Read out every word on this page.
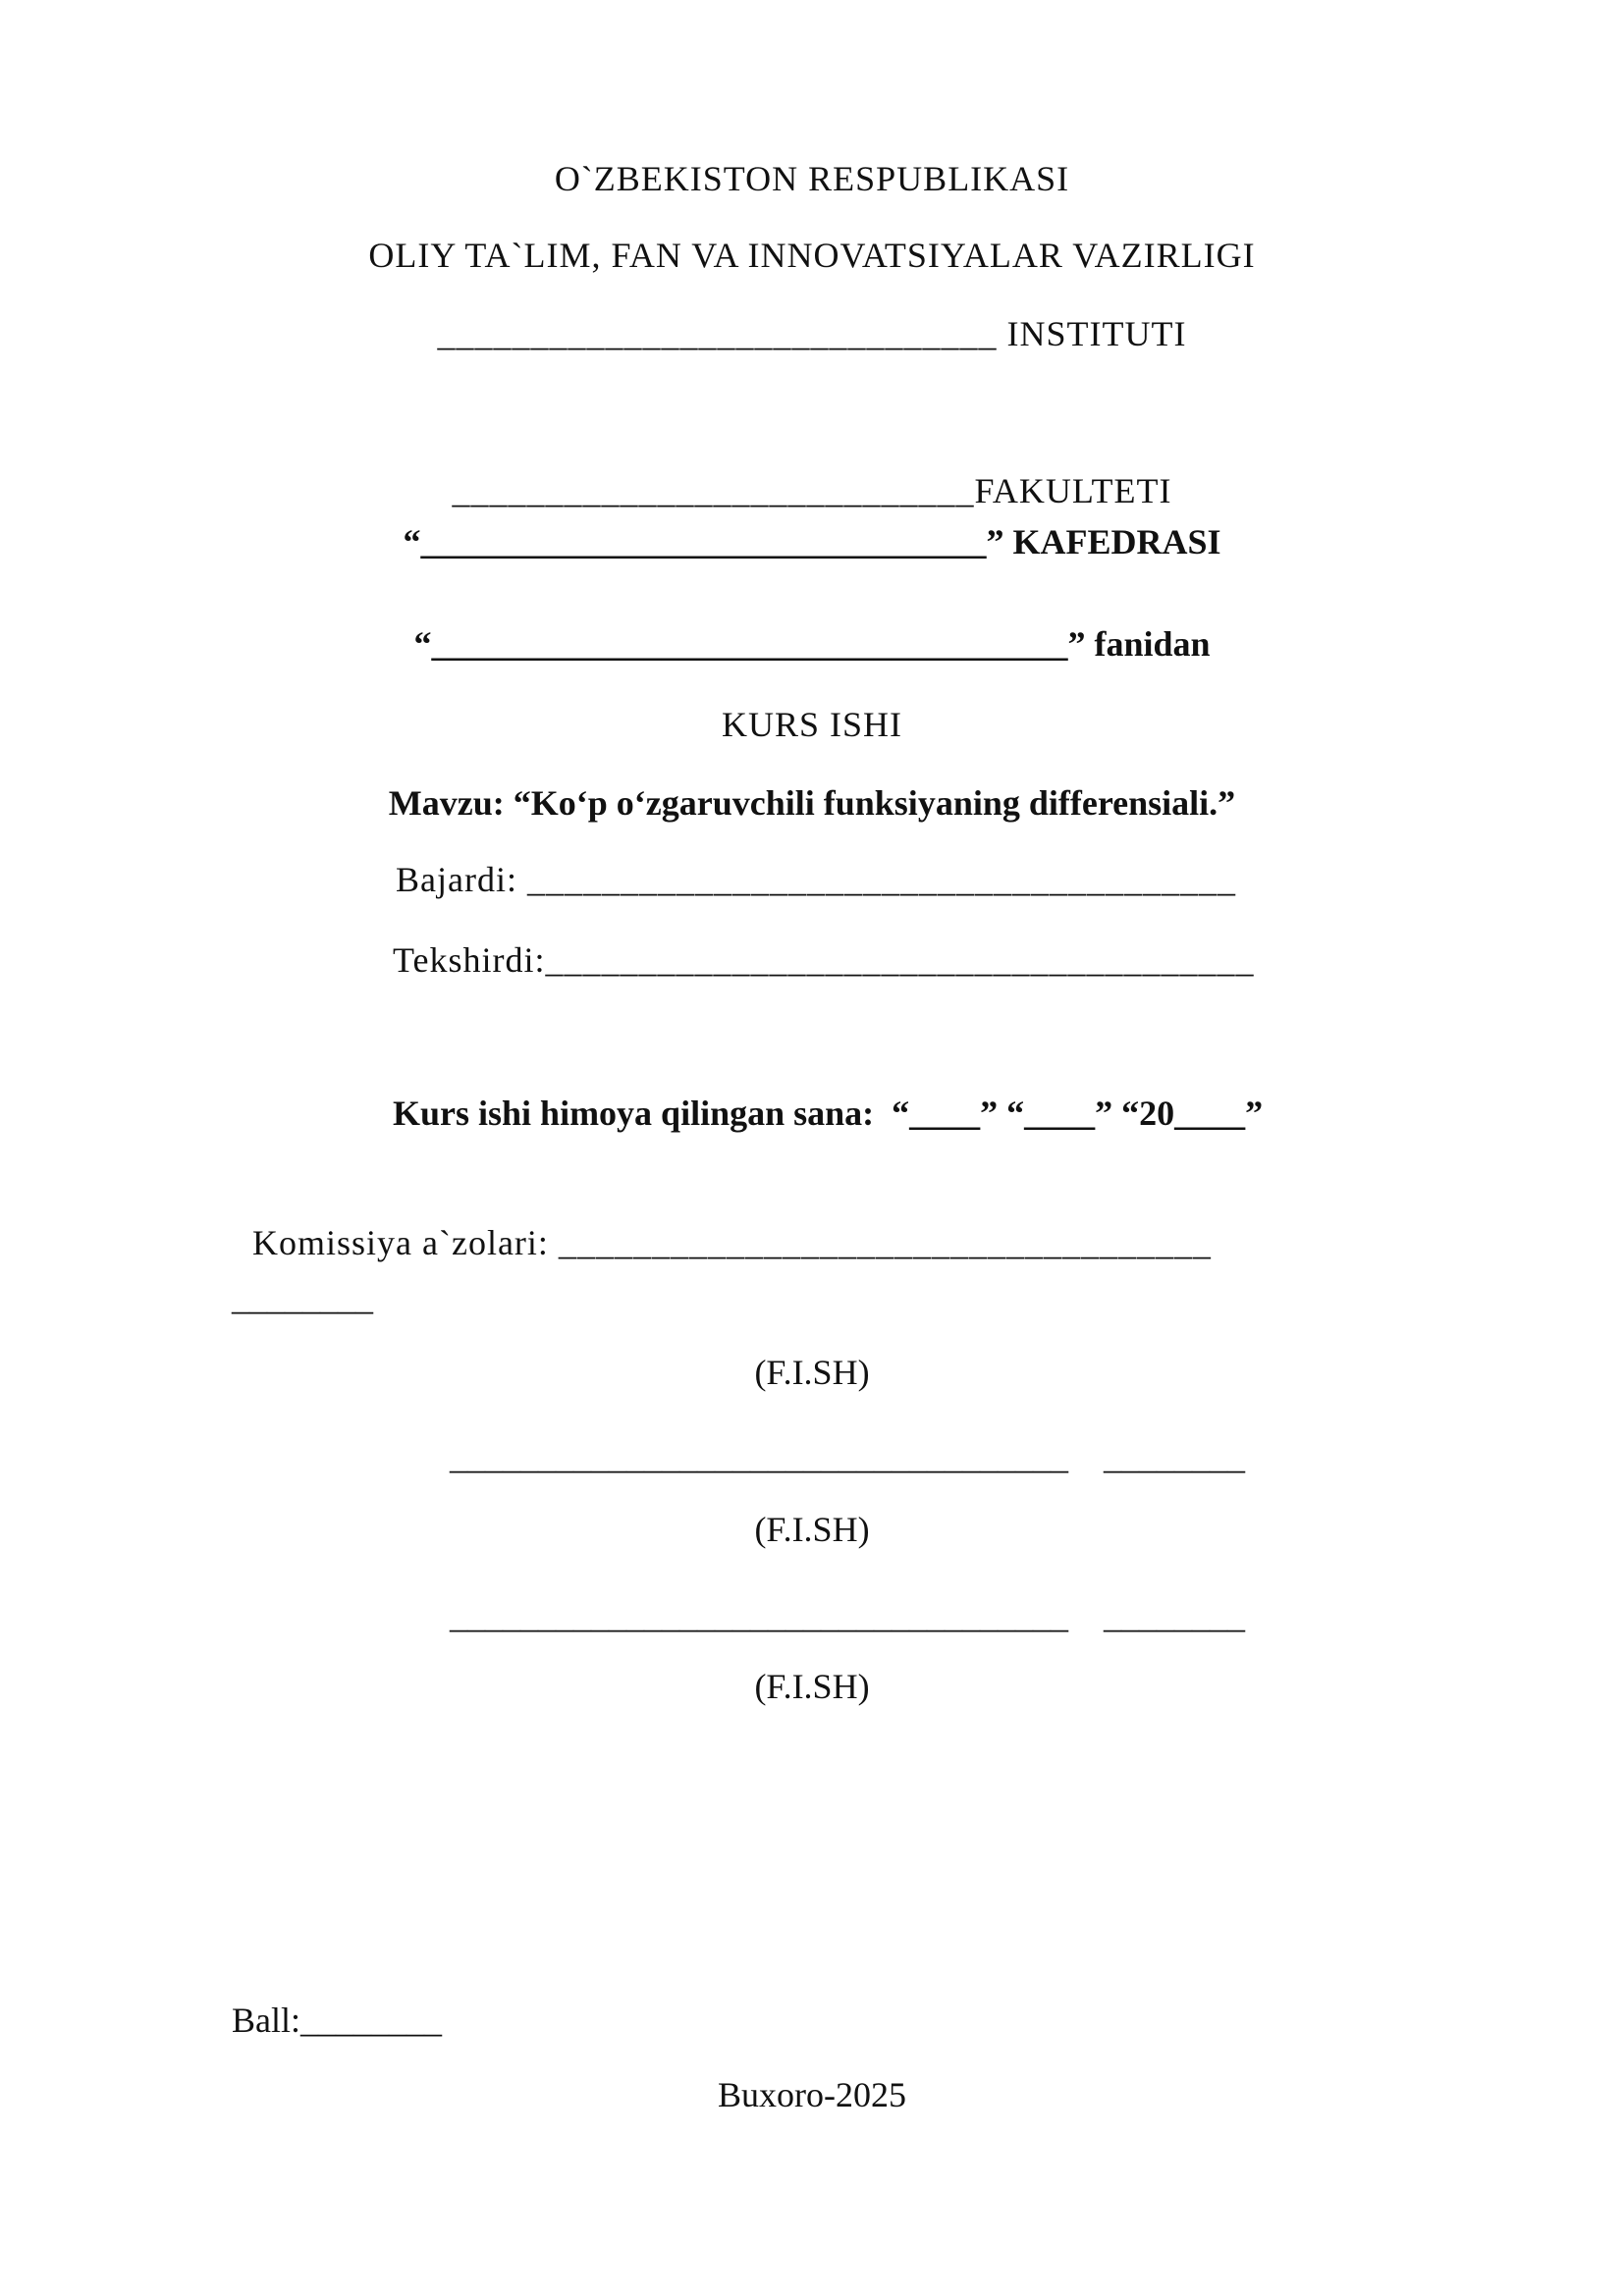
O`ZBEKISTON RESPUBLIKASI
OLIY TA`LIM, FAN VA INNOVATSIYALAR VAZIRLIGI
______________________________ INSTITUTI
____________________________FAKULTETI
“________________________________” KAFEDRASI
“____________________________________” fanidan
KURS ISHI
Mavzu: “Ko‘p o‘zgaruvchili funksiyaning differensiali.”
Bajardi: ______________________________________
Tekshirdi:______________________________________
Kurs ishi himoya qilingan sana:  “____” “____” “20____”
Komissiya a`zolari: ___________________________________
________
(F.I.SH)
___________________________________    ________
(F.I.SH)
___________________________________    ________
(F.I.SH)
Ball:________
Buxoro-2025
